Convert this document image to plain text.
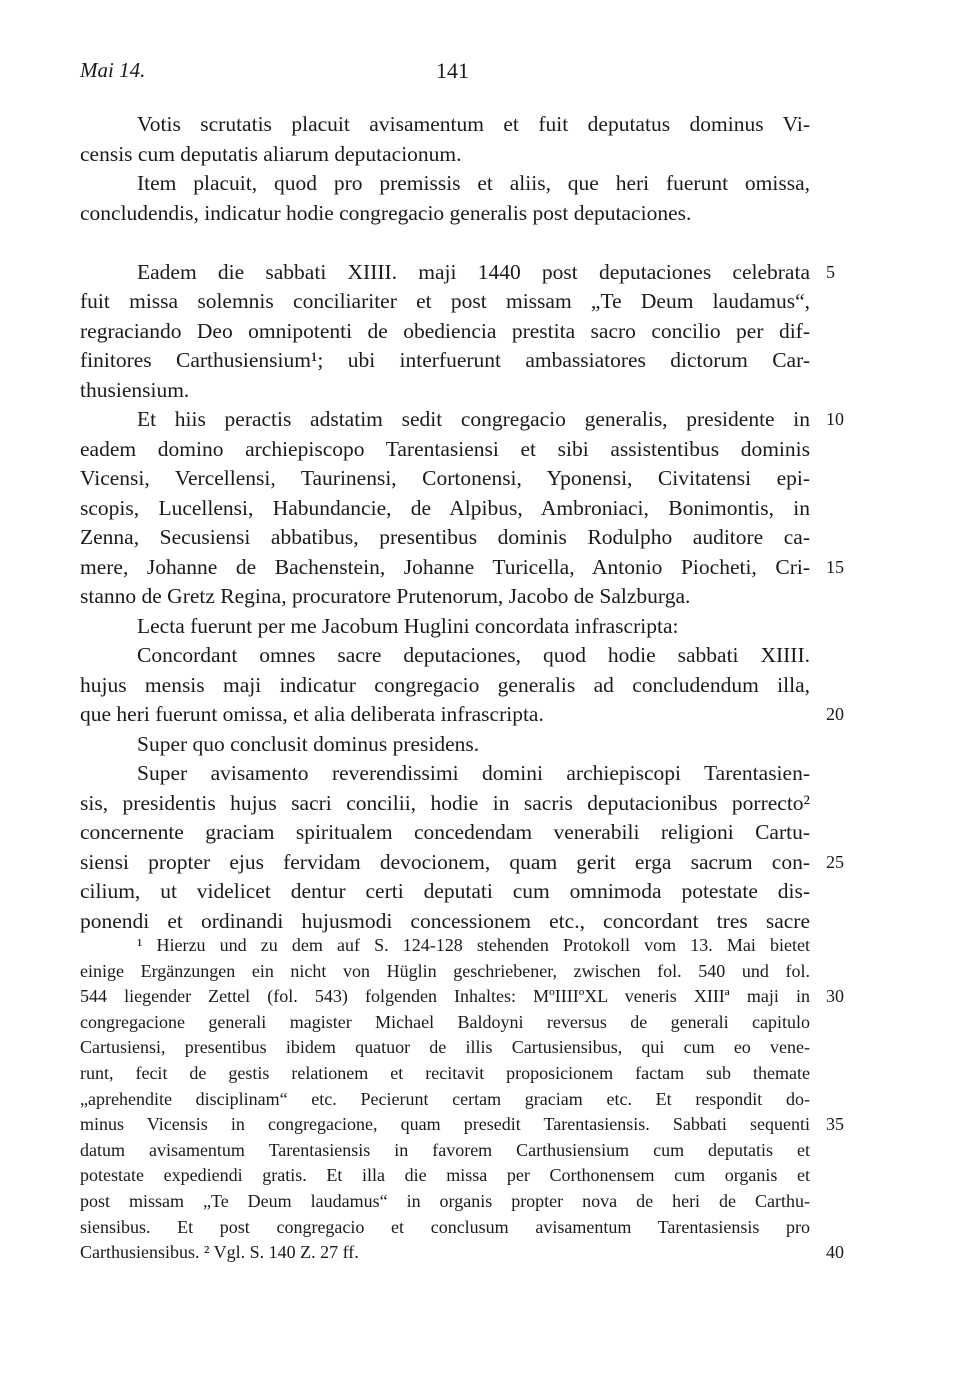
Mai 14.	141
Votis scrutatis placuit avisamentum et fuit deputatus dominus Vi-
censis cum deputatis aliarum deputacionum.
Item placuit, quod pro premissis et aliis, que heri fuerunt omissa,
concludendis, indicatur hodie congregacio generalis post deputaciones.
Eadem die sabbati XIIII. maji 1440 post deputaciones celebrata
fuit missa solemnis conciliariter et post missam „Te Deum laudamus“,
regraciando Deo omnipotenti de obediencia prestita sacro concilio per dif-
finitores Carthusiensium¹; ubi interfuerunt ambassiatores dictorum Car-
thusiensium.
Et hiis peractis adstatim sedit congregacio generalis, presidente in
eadem domino archiepiscopo Tarentasiensi et sibi assistentibus dominis
Vicensi, Vercellensi, Taurinensi, Cortonensi, Yponensi, Civitatensi epi-
scopis, Lucellensi, Habundancie, de Alpibus, Ambroniaci, Bonimontis, in
Zenna, Secusiensi abbatibus, presentibus dominis Rodulpho auditore ca-
mere, Johanne de Bachenstein, Johanne Turicella, Antonio Piocheti, Cri-
stanno de Gretz Regina, procuratore Prutenorum, Jacobo de Salzburga.
Lecta fuerunt per me Jacobum Huglini concordata infrascripta:
Concordant omnes sacre deputaciones, quod hodie sabbati XIIII.
hujus mensis maji indicatur congregacio generalis ad concludendum illa,
que heri fuerunt omissa, et alia deliberata infrascripta.
Super quo conclusit dominus presidens.
Super avisamento reverendissimi domini archiepiscopi Tarentasien-
sis, presidentis hujus sacri concilii, hodie in sacris deputacionibus porrecto²
concernente graciam spiritualem concedendam venerabili religioni Cartu-
siensi propter ejus fervidam devocionem, quam gerit erga sacrum con-
cilium, ut videlicet dentur certi deputati cum omnimoda potestate dis-
ponendi et ordinandi hujusmodi concessionem etc., concordant tres sacre
5
10
15
20
25
¹ Hierzu und zu dem auf S. 124-128 stehenden Protokoll vom 13. Mai bietet
einige Ergänzungen ein nicht von Hüglin geschriebener, zwischen fol. 540 und fol.
544 liegender Zettel (fol. 543) folgenden Inhaltes: MºIIIIºXL veneris XIIIª maji in
congregacione generali magister Michael Baldoyni reversus de generali capitulo
Cartusiensi, presentibus ibidem quatuor de illis Cartusiensibus, qui cum eo vene-
runt, fecit de gestis relationem et recitavit proposicionem factam sub themate
„aprehendite disciplinam“ etc. Pecierunt certam graciam etc. Et respondit do-
minus Vicensis in congregacione, quam presedit Tarentasiensis. Sabbati sequenti
datum avisamentum Tarentasiensis in favorem Carthusiensium cum deputatis et
potestate expediendi gratis. Et illa die missa per Corthonensem cum organis et
post missam „Te Deum laudamus“ in organis propter nova de heri de Carthu-
siensibus. Et post congregacio et conclusum avisamentum Tarentasiensis pro
Carthusiensibus. ² Vgl. S. 140 Z. 27 ff.
30
35
40
